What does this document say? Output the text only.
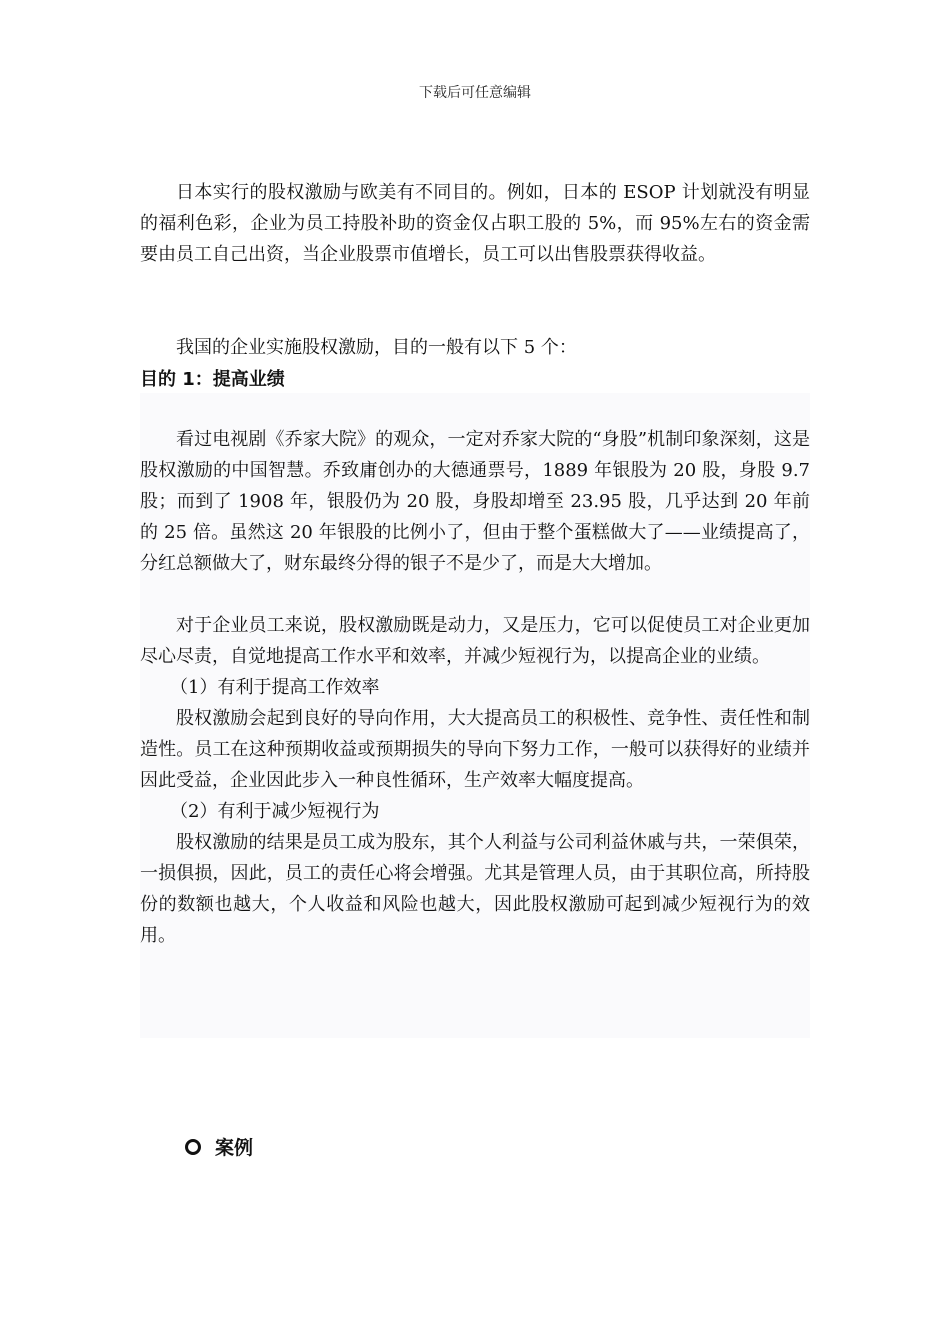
下载后可任意编辑

日本实行的股权激励与欧美有不同目的。例如，日本的 ESOP 计划就没有明显的福利色彩，企业为员工持股补助的资金仅占职工股的 5%，而 95%左右的资金需要由员工自己出资，当企业股票市值增长，员工可以出售股票获得收益。

我国的企业实施股权激励，目的一般有以下 5 个：

目的 1：提高业绩

看过电视剧《乔家大院》的观众，一定对乔家大院的“身股”机制印象深刻，这是股权激励的中国智慧。乔致庸创办的大德通票号，1889 年银股为 20 股，身股 9.7 股；而到了 1908 年，银股仍为 20 股，身股却增至 23.95 股，几乎达到 20 年前的 25 倍。虽然这 20 年银股的比例小了，但由于整个蛋糕做大了——业绩提高了，分红总额做大了，财东最终分得的银子不是少了，而是大大增加。

对于企业员工来说，股权激励既是动力，又是压力，它可以促使员工对企业更加尽心尽责，自觉地提高工作水平和效率，并减少短视行为，以提高企业的业绩。

（1）有利于提高工作效率

股权激励会起到良好的导向作用，大大提高员工的积极性、竞争性、责任性和制造性。员工在这种预期收益或预期损失的导向下努力工作，一般可以获得好的业绩并因此受益，企业因此步入一种良性循环，生产效率大幅度提高。

（2）有利于减少短视行为

股权激励的结果是员工成为股东，其个人利益与公司利益休戚与共，一荣俱荣，一损俱损，因此，员工的责任心将会增强。尤其是管理人员，由于其职位高，所持股份的数额也越大，个人收益和风险也越大，因此股权激励可起到减少短视行为的效用。

案例
